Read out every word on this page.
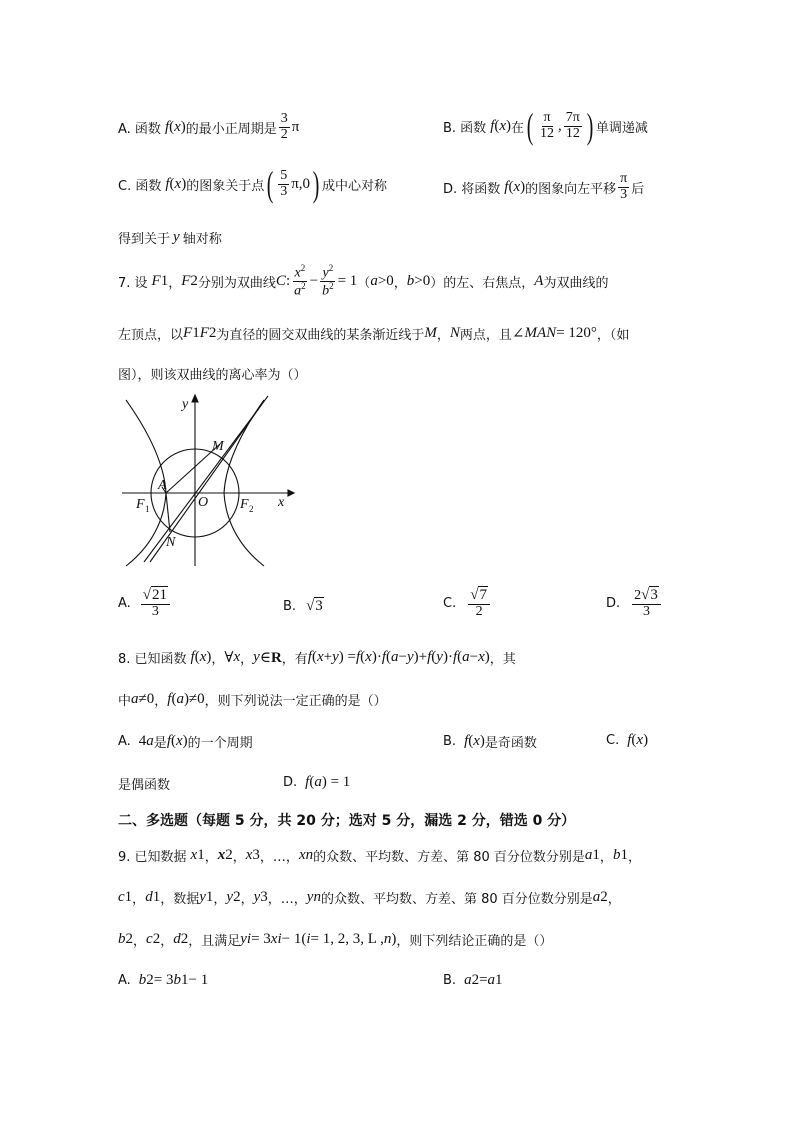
A. 函数 f ( x ) 的最小正周期是 $\frac{3}{2}$ π	B. 函数 f ( x ) 在 ( $\frac{\pi}{12}$ , $\frac{7\pi}{12}$ ) 单调递减
C. 函数 f ( x ) 的图象关于点 ( $\frac{5}{3} \pi,0$ ) 成中心对称	D. 将函数 f ( x ) 的图象向左平移 $\frac{\pi}{3}$ 后
得到关于 y 轴对称
7. 设 F 1 ， F 2 分别为双曲线 C : $\frac{x^2}{a^2} - \frac{y^2}{b^2} = 1$ （ a >0 ， b >0 ）的左、右焦点， A 为双曲线的
左顶点，以 F 1 F 2 为直径的圆交双曲线的某条渐近线于 M ， N 两点，且 ∠ MAN = 120° ，（如
图），则该双曲线的离心率为（）
y
x
M
A
O
F 1	F 2
N
A. $\frac{√21}{3}$	B. √3	C. $\frac{√7}{2}$	D. $\frac{2√3}{3}$
8. 已知函数 f ( x ) ， ∀ x ， y ∈R ，有 f ( x + y ) = f ( x )· f ( a − y )+ f ( y )· f ( a − x ) ，其
中 a ≠0 ， f ( a )≠0 ，则下列说法一定正确的是（）
A. 4 a 是 f ( x ) 的一个周期	B. f ( x ) 是奇函数	C. f ( x )
是偶函数	D. f ( a ) = 1
二、多选题（每题 5 分，共 20 分；选对 5 分，漏选 2 分，错选 0 分）
9. 已知数据 x 1 ， x 2 ， x 3 ，…， x n 的众数、平均数、方差、第 80 百分位数分别是 a 1 ， b 1 ，
c 1 ， d 1 ，数据 y 1 ， y 2 ， y 3 ，…， y n 的众数、平均数、方差、第 80 百分位数分别是 a 2 ，
b 2 ， c 2 ， d 2 ，且满足 y i = 3 x i − 1( i = 1, 2, 3, L , n ) ，则下列结论正确的是（）
A. b 2 = 3 b 1 − 1	B. a 2 = a 1
